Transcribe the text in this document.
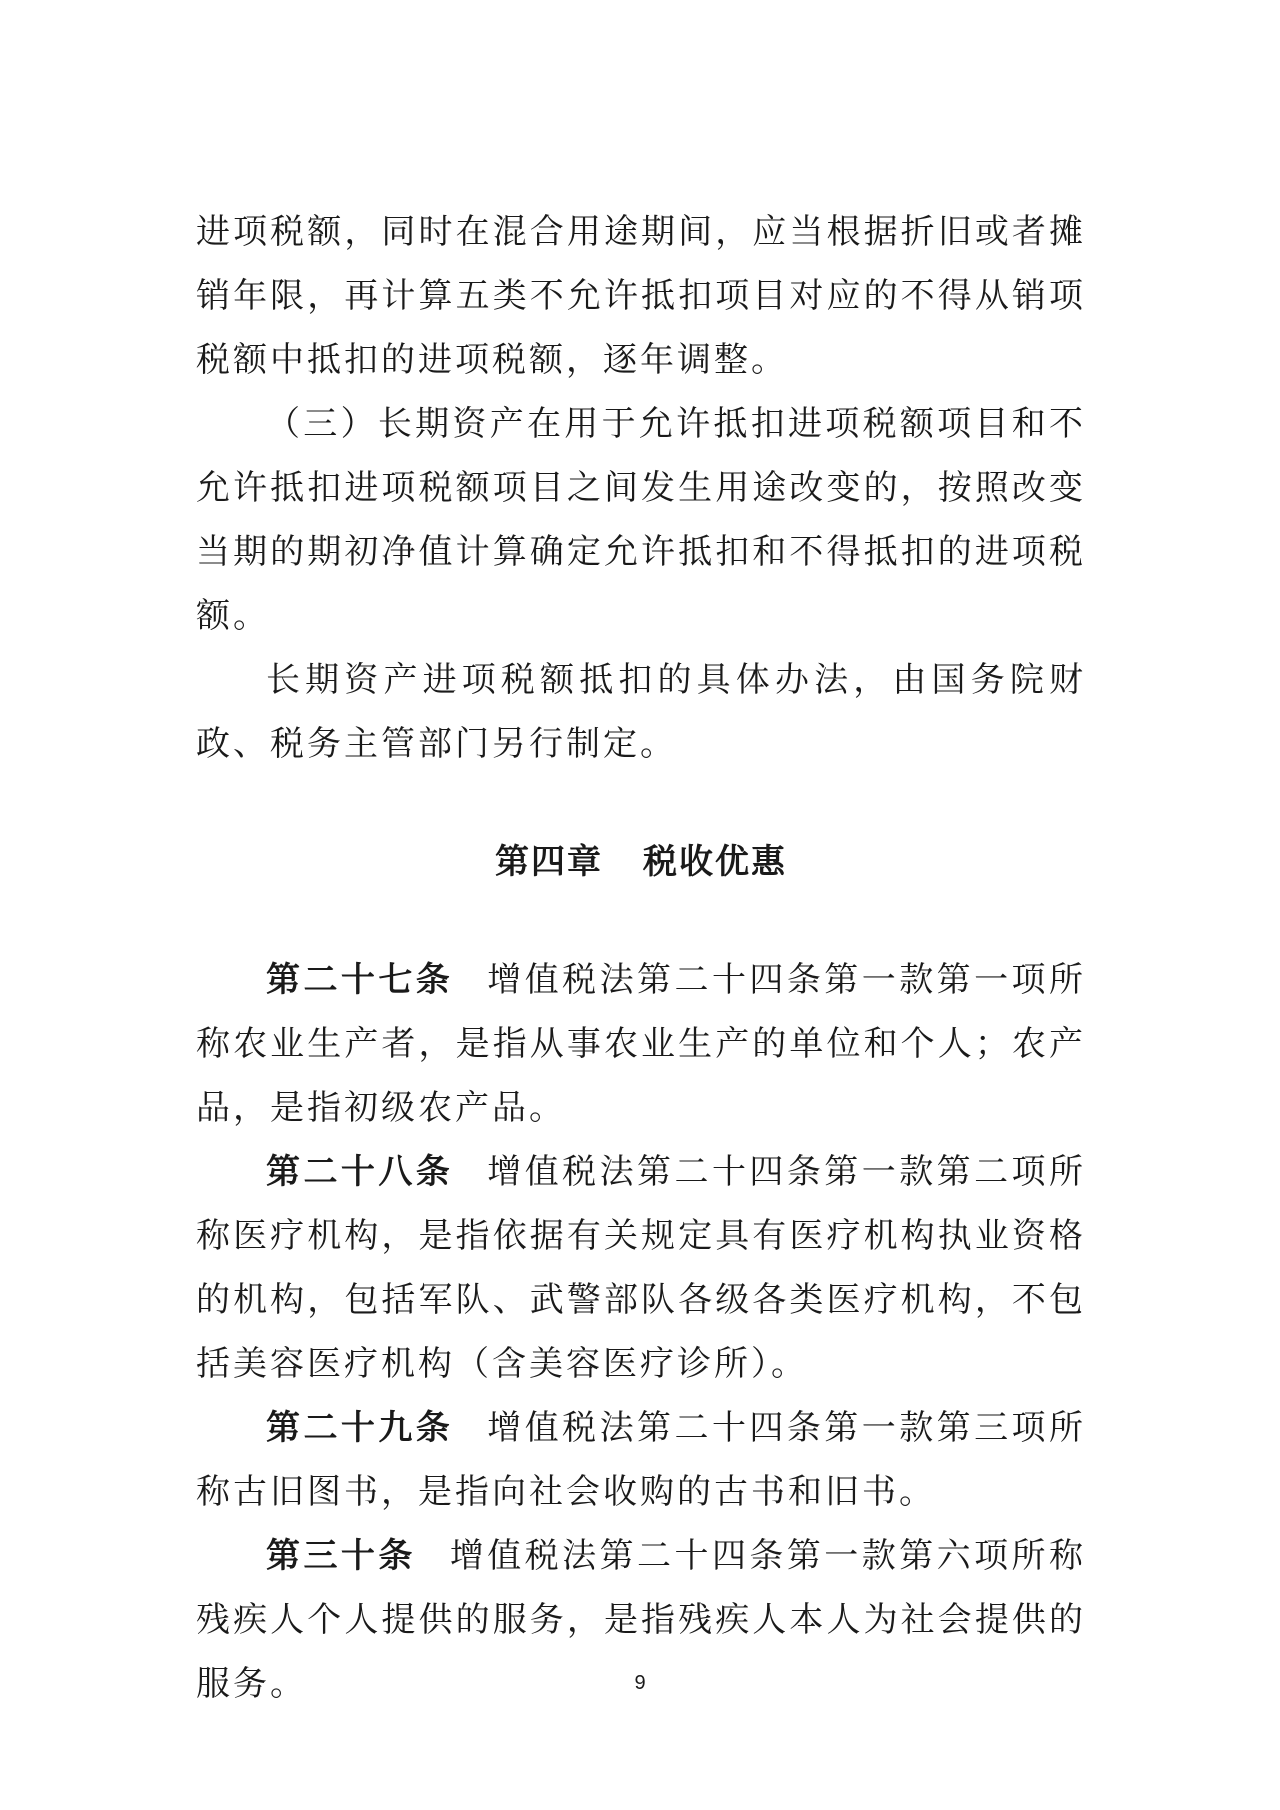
进项税额，同时在混合用途期间，应当根据折旧或者摊销年限，再计算五类不允许抵扣项目对应的不得从销项税额中抵扣的进项税额，逐年调整。

（三）长期资产在用于允许抵扣进项税额项目和不允许抵扣进项税额项目之间发生用途改变的，按照改变当期的期初净值计算确定允许抵扣和不得抵扣的进项税额。

长期资产进项税额抵扣的具体办法，由国务院财政、税务主管部门另行制定。

第四章 税收优惠

第二十七条 增值税法第二十四条第一款第一项所称农业生产者，是指从事农业生产的单位和个人；农产品，是指初级农产品。

第二十八条 增值税法第二十四条第一款第二项所称医疗机构，是指依据有关规定具有医疗机构执业资格的机构，包括军队、武警部队各级各类医疗机构，不包括美容医疗机构（含美容医疗诊所）。

第二十九条 增值税法第二十四条第一款第三项所称古旧图书，是指向社会收购的古书和旧书。

第三十条 增值税法第二十四条第一款第六项所称残疾人个人提供的服务，是指残疾人本人为社会提供的服务。	9
